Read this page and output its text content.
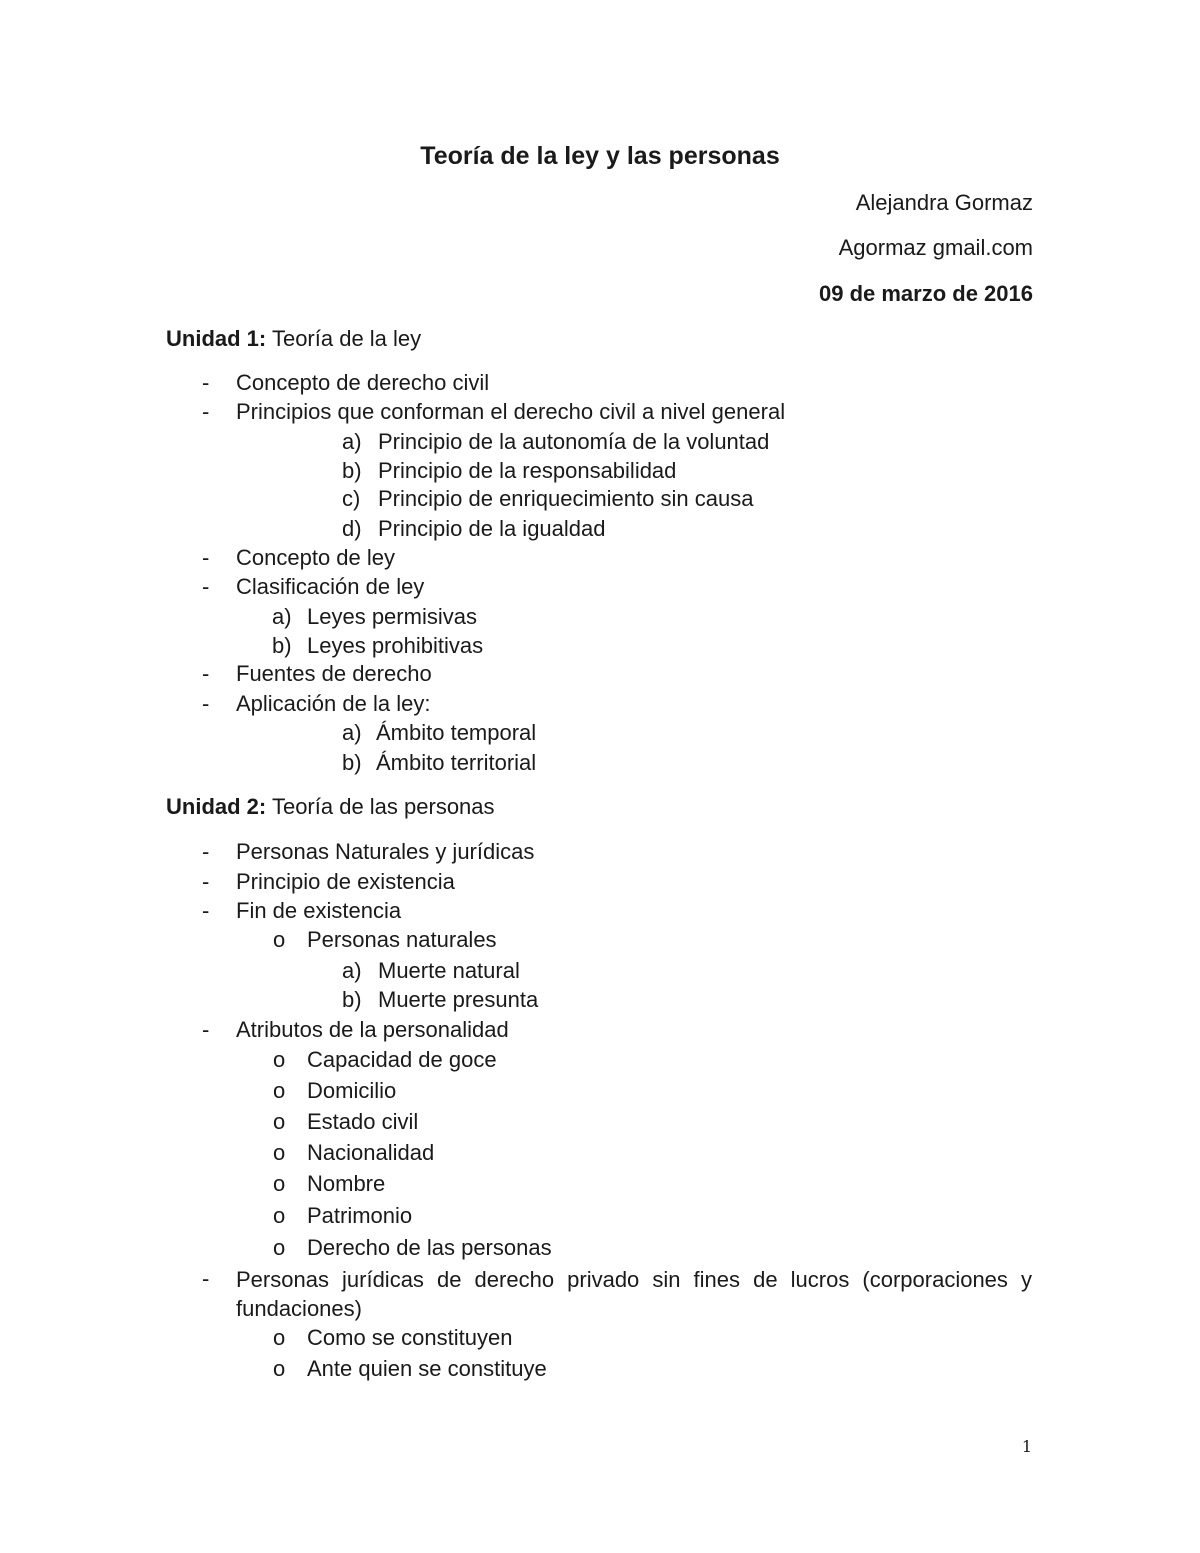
Teoría de la ley y las personas
Alejandra Gormaz
Agormaz gmail.com
09 de marzo de 2016
Unidad 1: Teoría de la ley
- Concepto de derecho civil
- Principios que conforman el derecho civil a nivel general
a) Principio de la autonomía de la voluntad
b) Principio de la responsabilidad
c) Principio de enriquecimiento sin causa
d) Principio de la igualdad
- Concepto de ley
- Clasificación de ley
a) Leyes permisivas
b) Leyes prohibitivas
- Fuentes de derecho
- Aplicación de la ley:
a) Ámbito temporal
b) Ámbito territorial
Unidad 2: Teoría de las personas
- Personas Naturales y jurídicas
- Principio de existencia
- Fin de existencia
o Personas naturales
a) Muerte natural
b) Muerte presunta
- Atributos de la personalidad
o Capacidad de goce
o Domicilio
o Estado civil
o Nacionalidad
o Nombre
o Patrimonio
o Derecho de las personas
- Personas jurídicas de derecho privado sin fines de lucros (corporaciones y fundaciones)
o Como se constituyen
o Ante quien se constituye
1
